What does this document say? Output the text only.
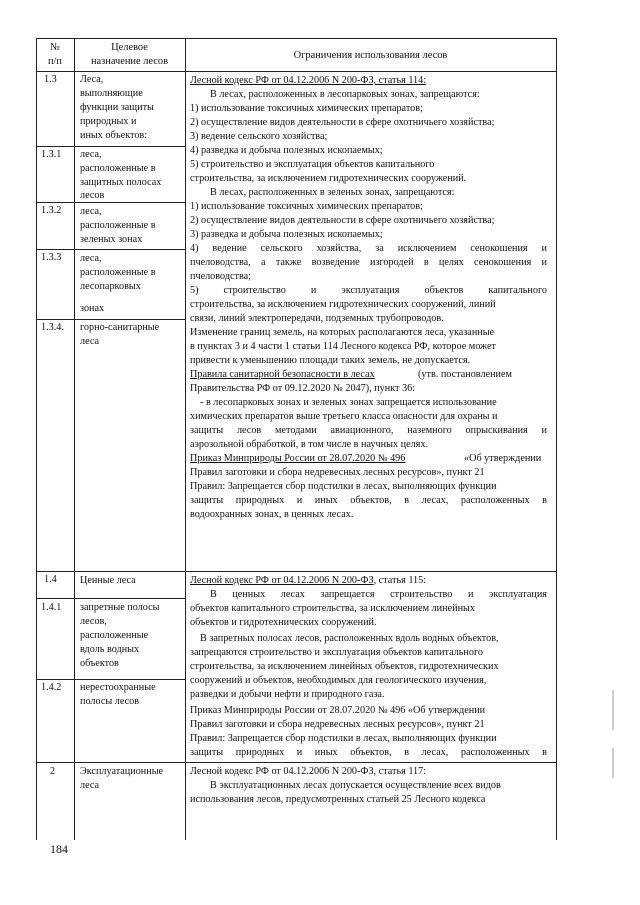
№
п/п
Целевое
назначение лесов
Ограничения использования лесов
1.3
1.3.1
1.3.2
1.3.3
1.3.4.
1.4
1.4.1
1.4.2
2
Леса,
выполняющие
функции защиты
природных и
иных объектов:
леса,
расположенные в
защитных полосах
лесов
леса,
расположенные в
зеленых зонах
леса,
расположенные в
лесопарковых
зонах
горно-санитарные
леса
Ценные леса
запретные полосы
лесов,
расположенные
вдоль водных
объектов
нерестоохранные
полосы лесов
Эксплуатационные
леса
Лесной кодекс РФ от 04.12.2006 N 200-ФЗ, статья 114:
В лесах, расположенных в лесопарковых зонах, запрещаются:
1) использование токсичных химических препаратов;
2) осуществление видов деятельности в сфере охотничьего хозяйства;
3) ведение сельского хозяйства;
4) разведка и добыча полезных ископаемых;
5) строительство и эксплуатация объектов капитального
строительства, за исключением гидротехнических сооружений.
В лесах, расположенных в зеленых зонах, запрещаются:
1) использование токсичных химических препаратов;
2) осуществление видов деятельности в сфере охотничьего хозяйства;
3) разведка и добыча полезных ископаемых;
4) ведение сельского хозяйства, за исключением сенокошения и
пчеловодства, а также возведение изгородей в целях сенокошения и
пчеловодства;
5) строительство и эксплуатация объектов капитального
строительства, за исключением гидротехнических сооружений, линий
связи, линий электропередачи, подземных трубопроводов.
Изменение границ земель, на которых располагаются леса, указанные
в пунктах 3 и 4 части 1 статьи 114 Лесного кодекса РФ, которое может
привести к уменьшению площади таких земель, не допускается.
Правила санитарной безопасности в лесах	(утв. постановлением
Правительства РФ от 09.12.2020 № 2047), пункт 36:
- в лесопарковых зонах и зеленых зонах запрещается использование
химических препаратов выше третьего класса опасности для охраны и
защиты лесов методами авиационного, наземного опрыскивания и
аэрозольной обработкой, в том числе в научных целях.
Приказ Минприроды России от 28.07.2020 № 496	«Об утверждении
Правил заготовки и сбора недревесных лесных ресурсов», пункт 21
Правил: Запрещается сбор подстилки в лесах, выполняющих функции
защиты природных и иных объектов, в лесах, расположенных в
водоохранных зонах, в ценных лесах.
Лесной кодекс РФ от 04.12.2006 N 200-ФЗ, статья 115:
В ценных лесах запрещается строительство и эксплуатация
объектов капитального строительства, за исключением линейных
объектов и гидротехнических сооружений.
В запретных полосах лесов, расположенных вдоль водных объектов,
запрещаются строительство и эксплуатация объектов капитального
строительства, за исключением линейных объектов, гидротехнических
сооружений и объектов, необходимых для геологического изучения,
разведки и добычи нефти и природного газа.
Приказ Минприроды России от 28.07.2020 № 496 «Об утверждении
Правил заготовки и сбора недревесных лесных ресурсов», пункт 21
Правил: Запрещается сбор подстилки в лесах, выполняющих функции
защиты природных и иных объектов, в лесах, расположенных в
Лесной кодекс РФ от 04.12.2006 N 200-ФЗ, статья 117:
В эксплуатационных лесах допускается осуществление всех видов
использования лесов, предусмотренных статьей 25 Лесного кодекса
184
